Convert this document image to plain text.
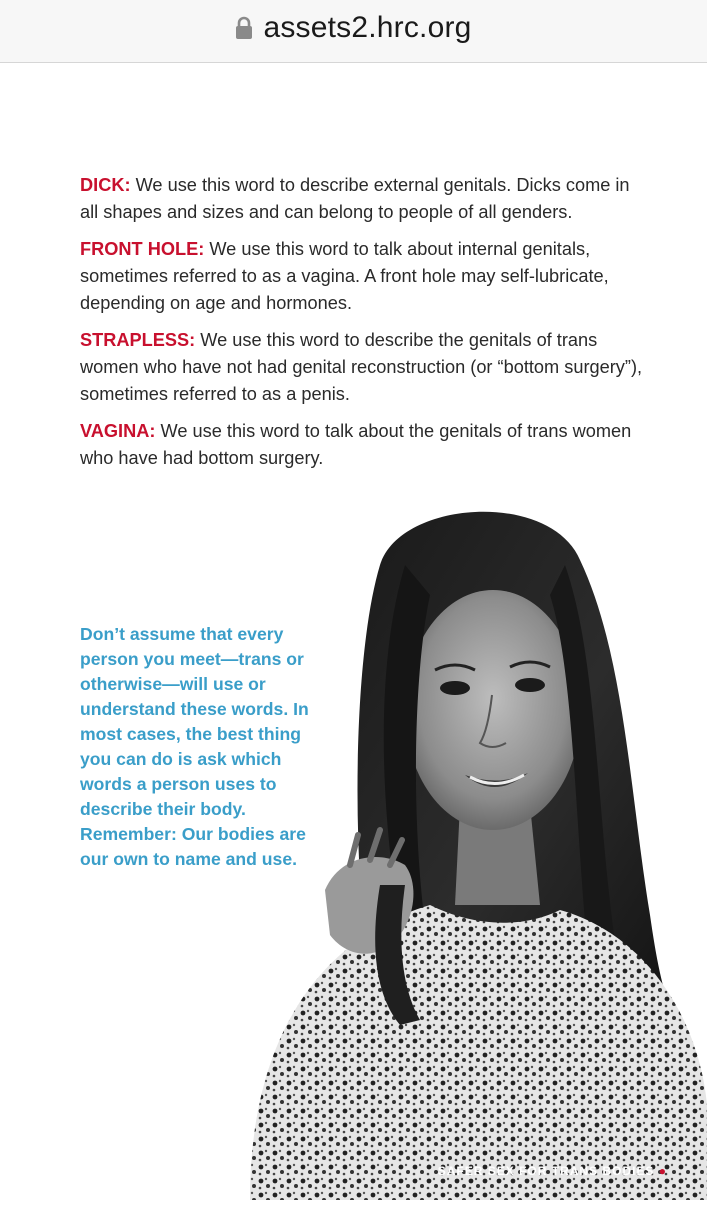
assets2.hrc.org

DICK: We use this word to describe external genitals. Dicks come in all shapes and sizes and can belong to people of all genders.

FRONT HOLE: We use this word to talk about internal genitals, sometimes referred to as a vagina. A front hole may self-lubricate, depending on age and hormones.

STRAPLESS: We use this word to describe the genitals of trans women who have not had genital reconstruction (or “bottom surgery”), sometimes referred to as a penis.

VAGINA: We use this word to talk about the genitals of trans women who have had bottom surgery.

Don’t assume that every person you meet—trans or otherwise—will use or understand these words. In most cases, the best thing you can do is ask which words a person uses to describe their body. Remember: Our bodies are our own to name and use.
SAFER SEX FOR TRANS BODIES ●
